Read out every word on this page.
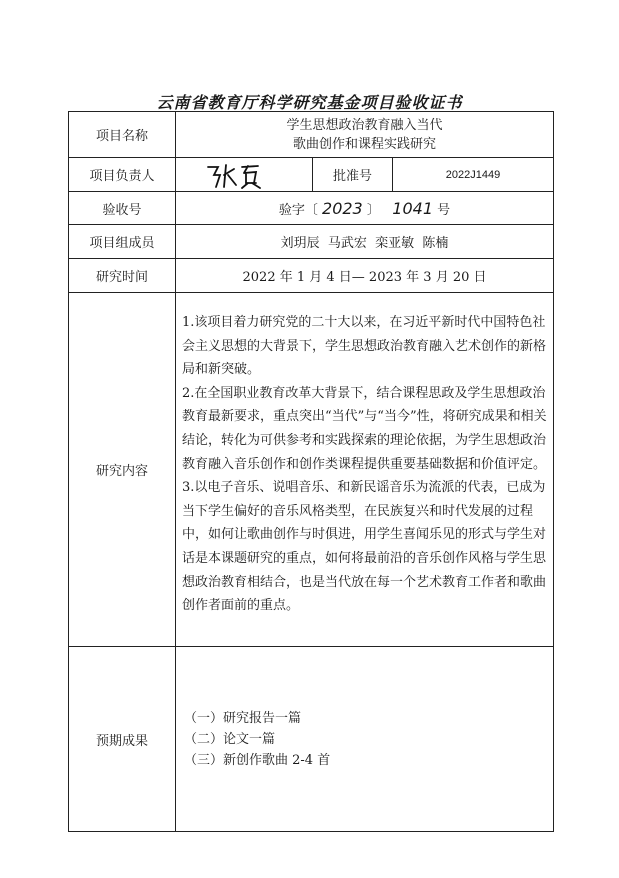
云南省教育厅科学研究基金项目验收证书
项目名称	学生思想政治教育融入当代
歌曲创作和课程实践研究		

项目负责人		批准号	2022J1449
验收号	验字〔 2023 〕 1041 号		
项目组成员	刘玥辰  马武宏  栾亚敏  陈楠		
研究时间	2022 年 1 月 4 日— 2023 年 3 月 20 日		
研究内容	1.该项目着力研究党的二十大以来，在习近平新时代中国特色社会主义思想的大背景下，学生思想政治教育融入艺术创作的新格局和新突破。

2.在全国职业教育改革大背景下，结合课程思政及学生思想政治教育最新要求，重点突出“当代”与“当今”性，将研究成果和相关结论，转化为可供参考和实践探索的理论依据，为学生思想政治教育融入音乐创作和创作类课程提供重要基础数据和价值评定。

3.以电子音乐、说唱音乐、和新民谣音乐为流派的代表，已成为当下学生偏好的音乐风格类型，在民族复兴和时代发展的过程中，如何让歌曲创作与时俱进，用学生喜闻乐见的形式与学生对话是本课题研究的重点，如何将最前沿的音乐创作风格与学生思想政治教育相结合，也是当代放在每一个艺术教育工作者和歌曲创作者面前的重点。		

预期成果	（一）研究报告一篇
（二）论文一篇
（三）新创作歌曲 2-4 首		
